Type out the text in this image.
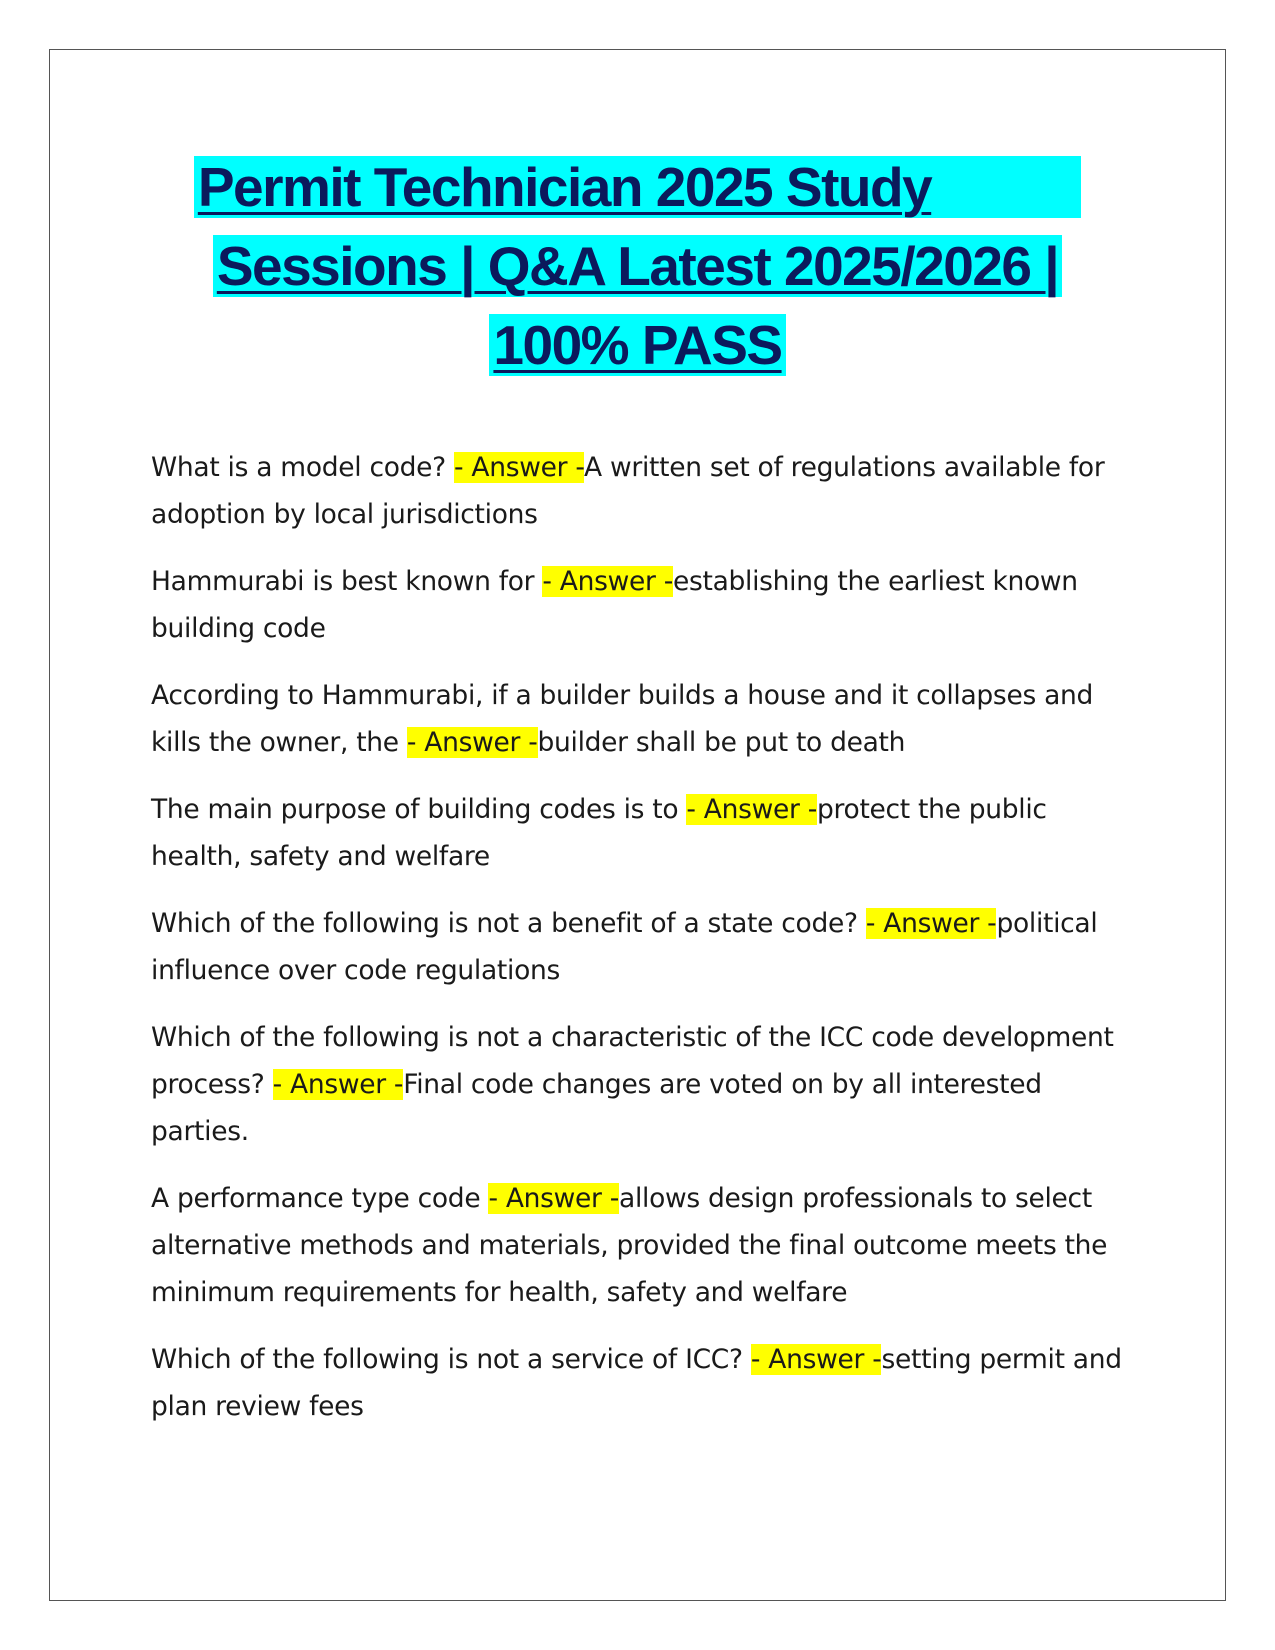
Permit Technician 2025 Study
Sessions | Q&A Latest 2025/2026 |
100% PASS

What is a model code? - Answer -A written set of regulations available for adoption by local jurisdictions

Hammurabi is best known for - Answer -establishing the earliest known building code

According to Hammurabi, if a builder builds a house and it collapses and kills the owner, the - Answer -builder shall be put to death

The main purpose of building codes is to - Answer -protect the public health, safety and welfare

Which of the following is not a benefit of a state code? - Answer -political influence over code regulations

Which of the following is not a characteristic of the ICC code development process? - Answer -Final code changes are voted on by all interested parties.

A performance type code - Answer -allows design professionals to select alternative methods and materials, provided the final outcome meets the minimum requirements for health, safety and welfare

Which of the following is not a service of ICC? - Answer -setting permit and plan review fees
